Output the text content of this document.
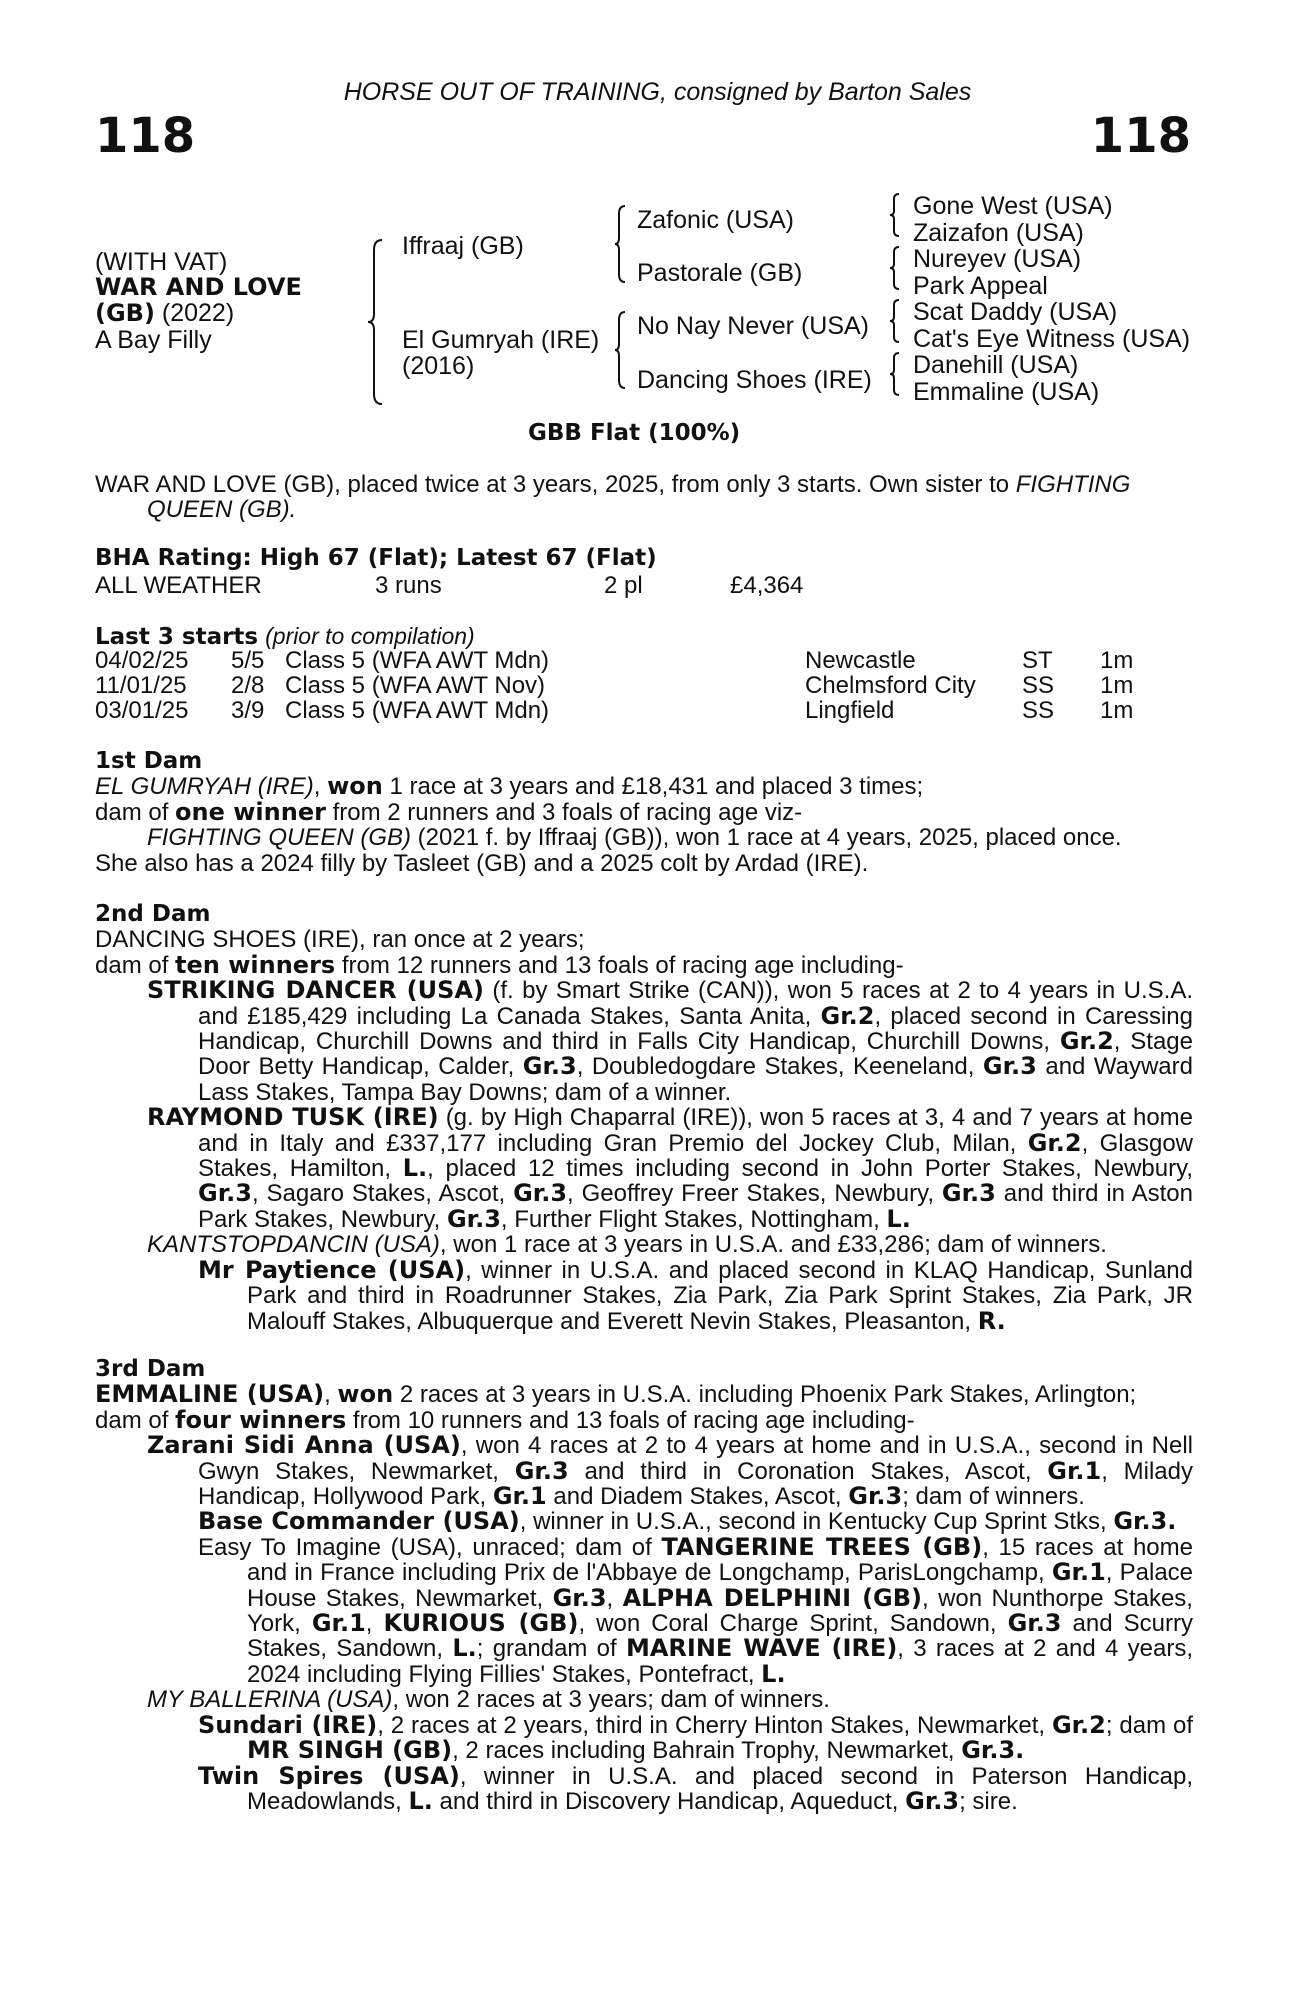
HORSE OUT OF TRAINING, consigned by Barton Sales
118	118
(WITH VAT)
WAR AND LOVE
(GB) (2022)
A Bay Filly
Iffraaj (GB)
El Gumryah (IRE)
(2016)
Zafonic (USA)
Pastorale (GB)
No Nay Never (USA)
Dancing Shoes (IRE)
Gone West (USA)
Zaizafon (USA)
Nureyev (USA)
Park Appeal
Scat Daddy (USA)
Cat's Eye Witness (USA)
Danehill (USA)
Emmaline (USA)
GBB Flat (100%)

WAR AND LOVE (GB), placed twice at 3 years, 2025, from only 3 starts. Own sister to FIGHTING QUEEN (GB).

BHA Rating: High 67 (Flat); Latest 67 (Flat)
ALL WEATHER	3 runs	2 pl	£4,364
Last 3 starts (prior to compilation)
04/02/25	5/5	Class 5 (WFA AWT Mdn)	Newcastle	ST	1m
11/01/25	2/8	Class 5 (WFA AWT Nov)	Chelmsford City	SS	1m
03/01/25	3/9	Class 5 (WFA AWT Mdn)	Lingfield	SS	1m

1st Dam

EL GUMRYAH (IRE), won 1 race at 3 years and £18,431 and placed 3 times;

dam of one winner from 2 runners and 3 foals of racing age viz-

FIGHTING QUEEN (GB) (2021 f. by Iffraaj (GB)), won 1 race at 4 years, 2025, placed once.

She also has a 2024 filly by Tasleet (GB) and a 2025 colt by Ardad (IRE).

2nd Dam

DANCING SHOES (IRE), ran once at 2 years;

dam of ten winners from 12 runners and 13 foals of racing age including-

STRIKING DANCER (USA) (f. by Smart Strike (CAN)), won 5 races at 2 to 4 years in U.S.A. and £185,429 including La Canada Stakes, Santa Anita, Gr.2, placed second in Caressing Handicap, Churchill Downs and third in Falls City Handicap, Churchill Downs, Gr.2, Stage Door Betty Handicap, Calder, Gr.3, Doubledogdare Stakes, Keeneland, Gr.3 and Wayward Lass Stakes, Tampa Bay Downs; dam of a winner.

RAYMOND TUSK (IRE) (g. by High Chaparral (IRE)), won 5 races at 3, 4 and 7 years at home and in Italy and £337,177 including Gran Premio del Jockey Club, Milan, Gr.2, Glasgow Stakes, Hamilton, L., placed 12 times including second in John Porter Stakes, Newbury, Gr.3, Sagaro Stakes, Ascot, Gr.3, Geoffrey Freer Stakes, Newbury, Gr.3 and third in Aston Park Stakes, Newbury, Gr.3, Further Flight Stakes, Nottingham, L.

KANTSTOPDANCIN (USA), won 1 race at 3 years in U.S.A. and £33,286; dam of winners.

Mr Paytience (USA), winner in U.S.A. and placed second in KLAQ Handicap, Sunland Park and third in Roadrunner Stakes, Zia Park, Zia Park Sprint Stakes, Zia Park, JR Malouff Stakes, Albuquerque and Everett Nevin Stakes, Pleasanton, R.

3rd Dam

EMMALINE (USA), won 2 races at 3 years in U.S.A. including Phoenix Park Stakes, Arlington;

dam of four winners from 10 runners and 13 foals of racing age including-

Zarani Sidi Anna (USA), won 4 races at 2 to 4 years at home and in U.S.A., second in Nell Gwyn Stakes, Newmarket, Gr.3 and third in Coronation Stakes, Ascot, Gr.1, Milady Handicap, Hollywood Park, Gr.1 and Diadem Stakes, Ascot, Gr.3; dam of winners.

Base Commander (USA), winner in U.S.A., second in Kentucky Cup Sprint Stks, Gr.3.

Easy To Imagine (USA), unraced; dam of TANGERINE TREES (GB), 15 races at home and in France including Prix de l'Abbaye de Longchamp, ParisLongchamp, Gr.1, Palace House Stakes, Newmarket, Gr.3, ALPHA DELPHINI (GB), won Nunthorpe Stakes, York, Gr.1, KURIOUS (GB), won Coral Charge Sprint, Sandown, Gr.3 and Scurry Stakes, Sandown, L.; grandam of MARINE WAVE (IRE), 3 races at 2 and 4 years, 2024 including Flying Fillies' Stakes, Pontefract, L.

MY BALLERINA (USA), won 2 races at 3 years; dam of winners.

Sundari (IRE), 2 races at 2 years, third in Cherry Hinton Stakes, Newmarket, Gr.2; dam of MR SINGH (GB), 2 races including Bahrain Trophy, Newmarket, Gr.3.

Twin Spires (USA), winner in U.S.A. and placed second in Paterson Handicap, Meadowlands, L. and third in Discovery Handicap, Aqueduct, Gr.3; sire.
